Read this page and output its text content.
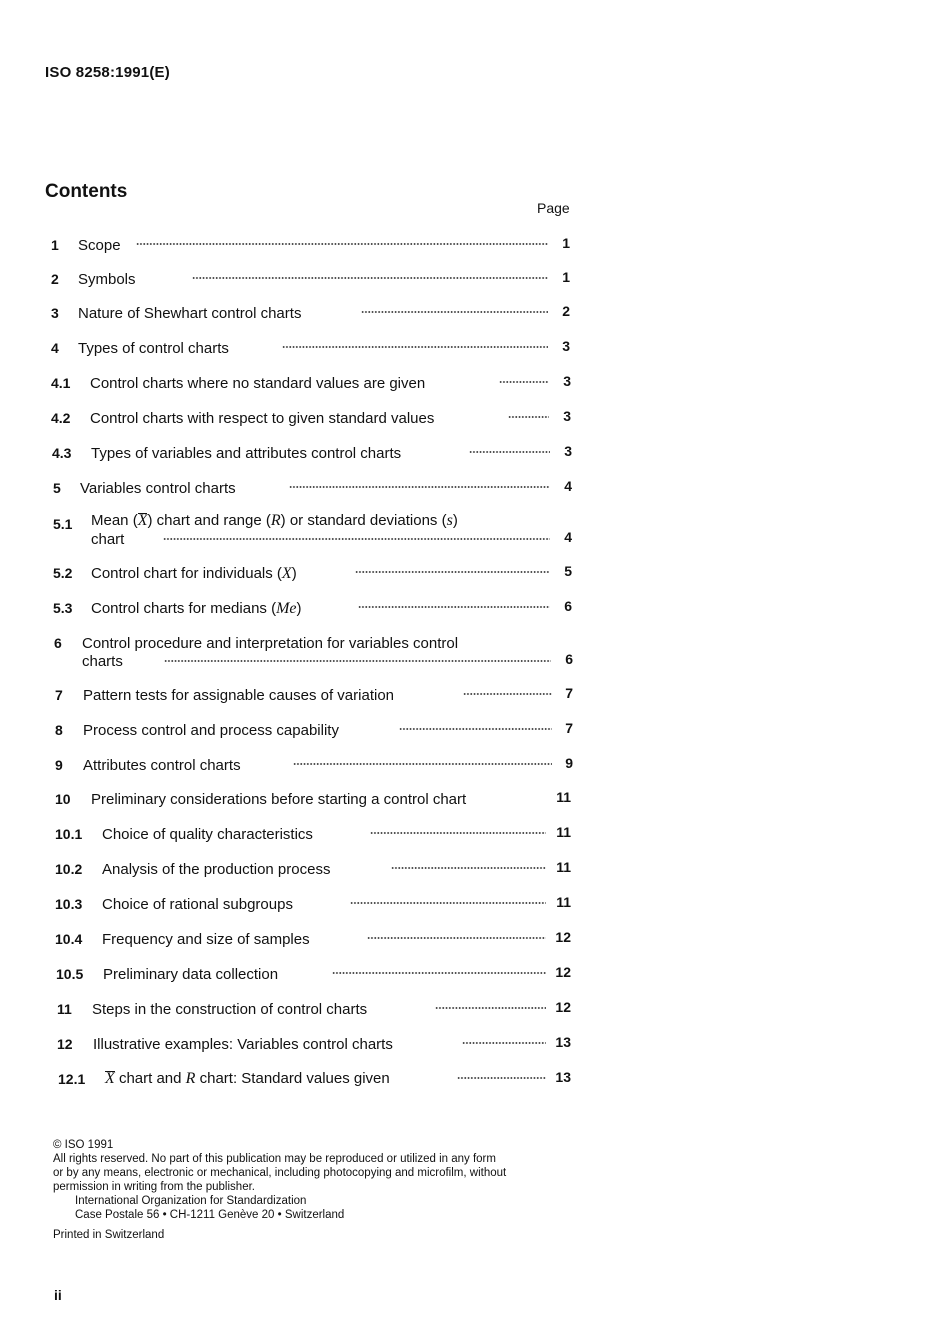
ISO 8258:1991(E)
Contents
Page
1 Scope	1
2 Symbols	1
3 Nature of Shewhart control charts	2
4 Types of control charts	3
4.1 Control charts where no standard values are given	3
4.2 Control charts with respect to given standard values	3
4.3 Types of variables and attributes control charts	3
5 Variables control charts	4
5.1 Mean (X) chart and range (R) or standard deviations (s)
chart	4
5.2 Control chart for individuals (X)	5
5.3 Control charts for medians (Me)	6
6 Control procedure and interpretation for variables control
charts	6
7 Pattern tests for assignable causes of variation	7
8 Process control and process capability	7
9 Attributes control charts	9
10 Preliminary considerations before starting a control chart	11
10.1 Choice of quality characteristics	11
10.2 Analysis of the production process	11
10.3 Choice of rational subgroups	11
10.4 Frequency and size of samples	12
10.5 Preliminary data collection	12
11 Steps in the construction of control charts	12
12 Illustrative examples: Variables control charts	13
12.1 X chart and R chart: Standard values given	13
© ISO 1991
All rights reserved. No part of this publication may be reproduced or utilized in any form
or by any means, electronic or mechanical, including photocopying and microfilm, without
permission in writing from the publisher.
International Organization for Standardization
Case Postale 56 • CH-1211 Genève 20 • Switzerland
Printed in Switzerland
ii
